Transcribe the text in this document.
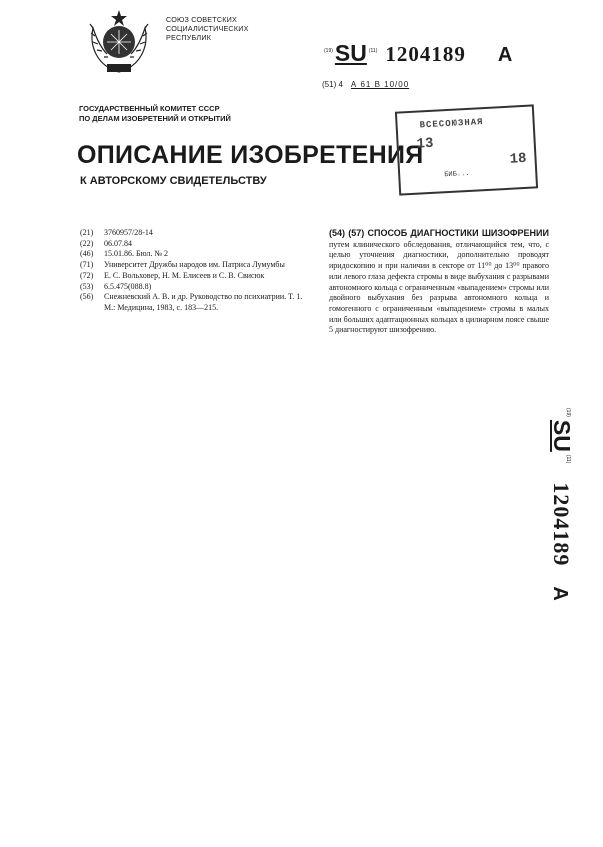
СОЮЗ СОВЕТСКИХ
СОЦИАЛИСТИЧЕСКИХ
РЕСПУБЛИК
$^{(19)}$SU $^{(11)}$ 1204189 A
(51) 4 А 61 В 10/00
ГОСУДАРСТВЕННЫЙ КОМИТЕТ СССР
ПО ДЕЛАМ ИЗОБРЕТЕНИЙ И ОТКРЫТИЙ
ОПИСАНИЕ ИЗОБРЕТЕНИЯ
К АВТОРСКОМУ СВИДЕТЕЛЬСТВУ
ВСЕСОЮЗНАЯ
13
18
БИБ...
(21)	3760957/28-14
(22)	06.07.84
(46)	15.01.86. Бюл. № 2
(71)	Университет Дружбы народов им. Патриса Лумумбы
(72)	Е. С. Вольховер, Н. М. Елисеев и С. В. Свисюк
(53)	6.5.475(088.8)
(56)	Снежневский А. В. и др. Руководство по психиатрии. Т. 1. М.: Медицина, 1983, с. 183—215.
(54) (57) СПОСОБ ДИАГНОСТИКИ ШИЗОФРЕНИИ путем клинического обследования, отличающийся тем, что, с целью уточнения диагностики, дополнительно проводят иридоскопию и при наличии в секторе от 11⁰⁰ до 13⁰⁰ правого или левого глаза дефекта стромы в виде выбухания с разрывами автономного кольца с ограниченным «выпадением» стромы или двойного выбухания без разрыва автономного кольца и гомогенного с ограниченным «выпадением» стромы в малых или больших адаптационных кольцах в цилиарном поясе свыше 5 диагностируют шизофрению.
$^{(19)}$SU$^{(11)}$1204189A
